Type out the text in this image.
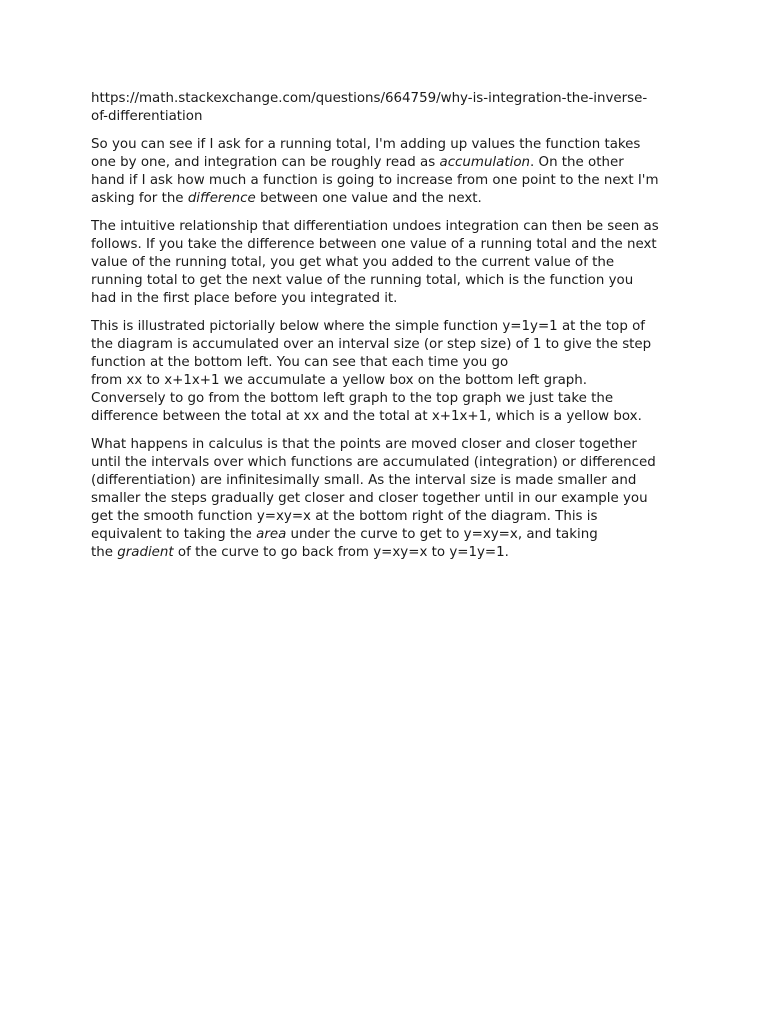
https://math.stackexchange.com/questions/664759/why-is-integration-the-inverse-
of-differentiation

So you can see if I ask for a running total, I'm adding up values the function takes
one by one, and integration can be roughly read as accumulation. On the other
hand if I ask how much a function is going to increase from one point to the next I'm
asking for the difference between one value and the next.

The intuitive relationship that differentiation undoes integration can then be seen as
follows. If you take the difference between one value of a running total and the next
value of the running total, you get what you added to the current value of the
running total to get the next value of the running total, which is the function you
had in the first place before you integrated it.

This is illustrated pictorially below where the simple function y=1y=1 at the top of
the diagram is accumulated over an interval size (or step size) of 1 to give the step
function at the bottom left. You can see that each time you go
from xx to x+1x+1 we accumulate a yellow box on the bottom left graph.
Conversely to go from the bottom left graph to the top graph we just take the
difference between the total at xx and the total at x+1x+1, which is a yellow box.

What happens in calculus is that the points are moved closer and closer together
until the intervals over which functions are accumulated (integration) or differenced
(differentiation) are infinitesimally small. As the interval size is made smaller and
smaller the steps gradually get closer and closer together until in our example you
get the smooth function y=xy=x at the bottom right of the diagram. This is
equivalent to taking the area under the curve to get to y=xy=x, and taking
the gradient of the curve to go back from y=xy=x to y=1y=1.
